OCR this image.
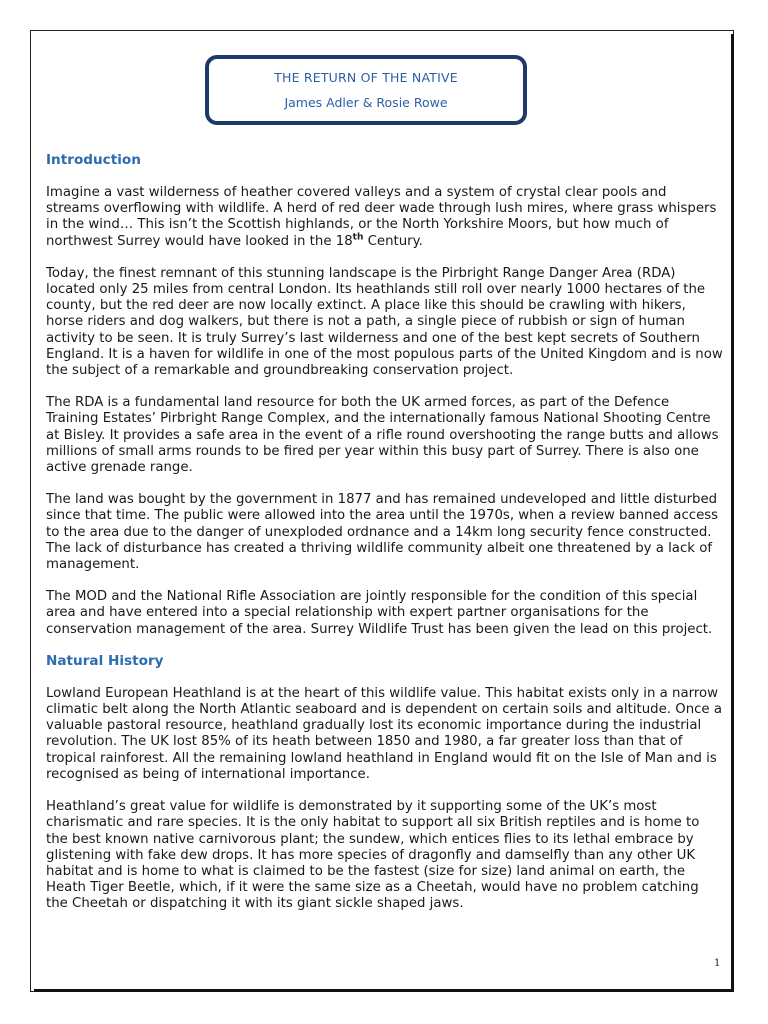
THE RETURN OF THE NATIVE
James Adler & Rosie Rowe
Introduction

Imagine a vast wilderness of heather covered valleys and a system of crystal clear pools and streams overflowing with wildlife. A herd of red deer wade through lush mires, where grass whispers in the wind… This isn’t the Scottish highlands, or the North Yorkshire Moors, but how much of northwest Surrey would have looked in the 18th Century.

Today, the finest remnant of this stunning landscape is the Pirbright Range Danger Area (RDA) located only 25 miles from central London. Its heathlands still roll over nearly 1000 hectares of the county, but the red deer are now locally extinct. A place like this should be crawling with hikers, horse riders and dog walkers, but there is not a path, a single piece of rubbish or sign of human activity to be seen. It is truly Surrey’s last wilderness and one of the best kept secrets of Southern England. It is a haven for wildlife in one of the most populous parts of the United Kingdom and is now the subject of a remarkable and groundbreaking conservation project.

The RDA is a fundamental land resource for both the UK armed forces, as part of the Defence Training Estates’ Pirbright Range Complex, and the internationally famous National Shooting Centre at Bisley. It provides a safe area in the event of a rifle round overshooting the range butts and allows millions of small arms rounds to be fired per year within this busy part of Surrey. There is also one active grenade range.

The land was bought by the government in 1877 and has remained undeveloped and little disturbed since that time. The public were allowed into the area until the 1970s, when a review banned access to the area due to the danger of unexploded ordnance and a 14km long security fence constructed. The lack of disturbance has created a thriving wildlife community albeit one threatened by a lack of management.

The MOD and the National Rifle Association are jointly responsible for the condition of this special area and have entered into a special relationship with expert partner organisations for the conservation management of the area. Surrey Wildlife Trust has been given the lead on this project.

Natural History

Lowland European Heathland is at the heart of this wildlife value. This habitat exists only in a narrow climatic belt along the North Atlantic seaboard and is dependent on certain soils and altitude. Once a valuable pastoral resource, heathland gradually lost its economic importance during the industrial revolution. The UK lost 85% of its heath between 1850 and 1980, a far greater loss than that of tropical rainforest. All the remaining lowland heathland in England would fit on the Isle of Man and is recognised as being of international importance.

Heathland’s great value for wildlife is demonstrated by it supporting some of the UK’s most charismatic and rare species. It is the only habitat to support all six British reptiles and is home to the best known native carnivorous plant; the sundew, which entices flies to its lethal embrace by glistening with fake dew drops. It has more species of dragonfly and damselfly than any other UK habitat and is home to what is claimed to be the fastest (size for size) land animal on earth, the Heath Tiger Beetle, which, if it were the same size as a Cheetah, would have no problem catching the Cheetah or dispatching it with its giant sickle shaped jaws.

1
